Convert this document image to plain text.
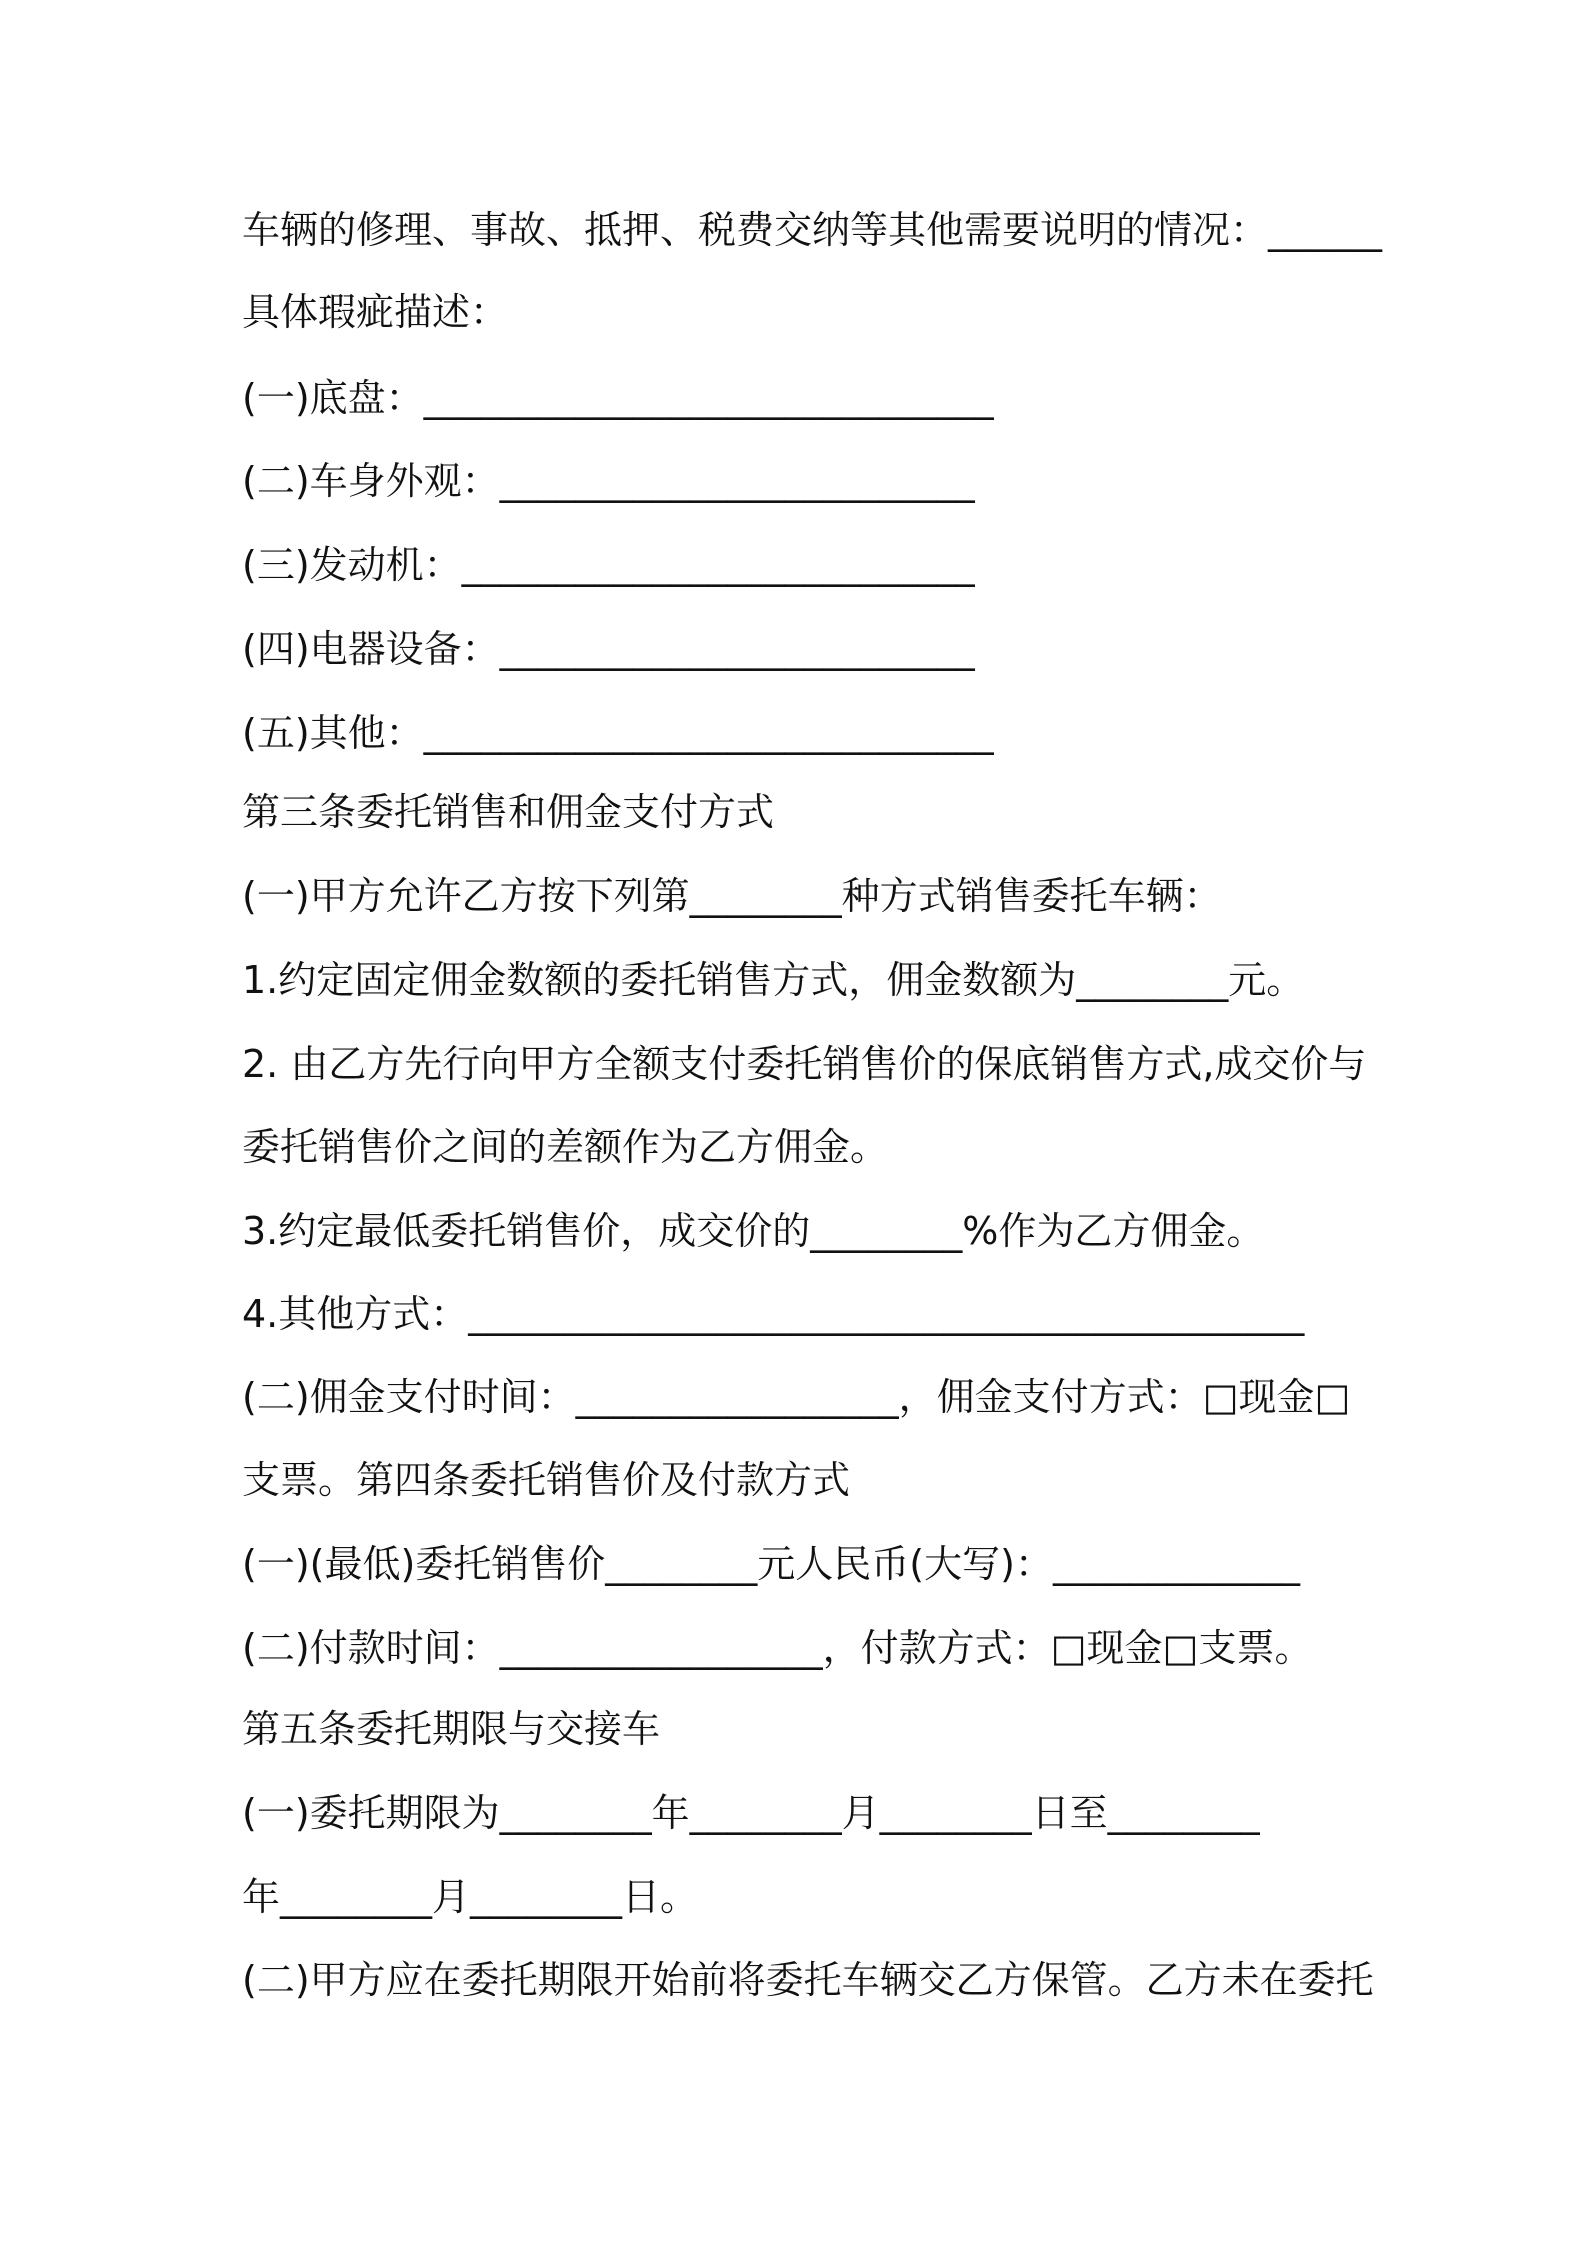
车辆的修理、事故、抵押、税费交纳等其他需要说明的情况：______
具体瑕疵描述：
(一)底盘：______________________________
(二)车身外观：_________________________
(三)发动机：___________________________
(四)电器设备：_________________________
(五)其他：______________________________
第三条委托销售和佣金支付方式
(一)甲方允许乙方按下列第________种方式销售委托车辆：
1.约定固定佣金数额的委托销售方式，佣金数额为________元。
2. 由乙方先行向甲方全额支付委托销售价的保底销售方式,成交价与
委托销售价之间的差额作为乙方佣金。
3.约定最低委托销售价，成交价的________%作为乙方佣金。
4.其他方式：____________________________________________
(二)佣金支付时间：_________________，佣金支付方式：□现金□
支票。第四条委托销售价及付款方式
(一)(最低)委托销售价________元人民币(大写)：_____________
(二)付款时间：_________________，付款方式：□现金□支票。
第五条委托期限与交接车
(一)委托期限为________年________月________日至________
年________月________日。
(二)甲方应在委托期限开始前将委托车辆交乙方保管。乙方未在委托
